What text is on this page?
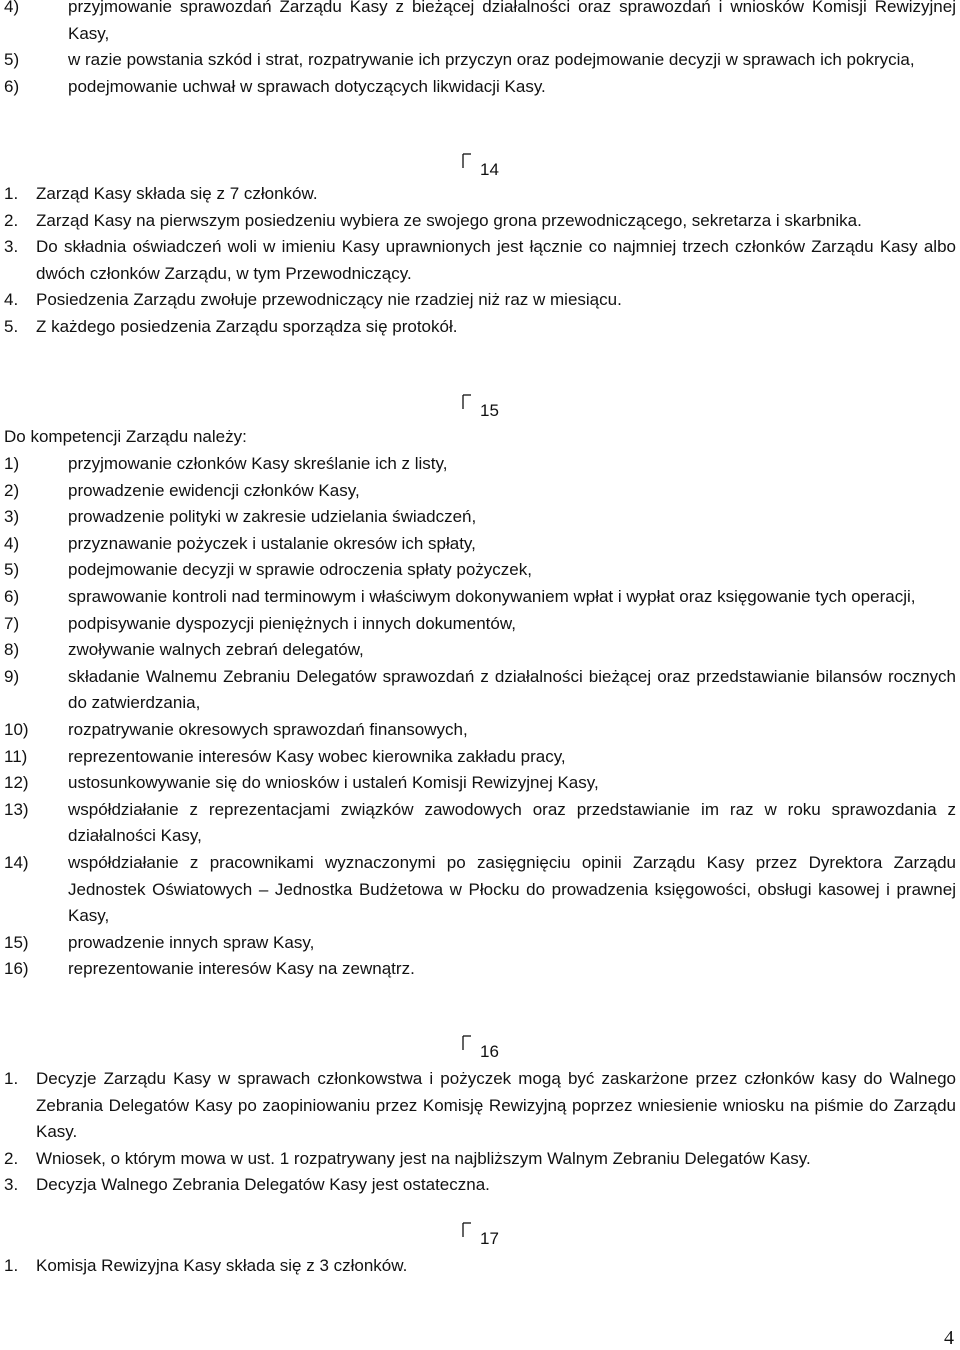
4)	przyjmowanie sprawozdań Zarządu Kasy z bieżącej działalności oraz sprawozdań i wniosków Komisji Rewizyjnej Kasy,
5)	w razie powstania szkód i strat, rozpatrywanie ich przyczyn oraz podejmowanie decyzji w sprawach ich pokrycia,
6)	podejmowanie uchwał w sprawach dotyczących likwidacji Kasy.
14
1.	Zarząd Kasy składa się z 7 członków.
2.	Zarząd Kasy na pierwszym posiedzeniu wybiera ze swojego grona przewodniczącego, sekretarza i skarbnika.
3.	Do składnia oświadczeń woli w imieniu Kasy uprawnionych jest łącznie co najmniej trzech członków Zarządu Kasy albo dwóch członków Zarządu, w tym Przewodniczący.
4.	Posiedzenia Zarządu zwołuje przewodniczący nie rzadziej niż raz w miesiącu.
5.	Z każdego posiedzenia Zarządu sporządza się protokół.
15
Do kompetencji Zarządu należy:
1)	przyjmowanie członków Kasy skreślanie ich z listy,
2)	prowadzenie ewidencji członków Kasy,
3)	prowadzenie polityki w zakresie udzielania świadczeń,
4)	przyznawanie pożyczek i ustalanie okresów ich spłaty,
5)	podejmowanie decyzji w sprawie odroczenia spłaty pożyczek,
6)	sprawowanie kontroli nad terminowym i właściwym dokonywaniem wpłat i wypłat oraz księgowanie tych operacji,
7)	podpisywanie dyspozycji pieniężnych i innych dokumentów,
8)	zwoływanie walnych zebrań delegatów,
9)	składanie Walnemu Zebraniu Delegatów sprawozdań z działalności bieżącej oraz przedstawianie bilansów rocznych do zatwierdzania,
10)	rozpatrywanie okresowych sprawozdań finansowych,
11)	reprezentowanie interesów Kasy wobec kierownika zakładu pracy,
12)	ustosunkowywanie się do wniosków i ustaleń Komisji Rewizyjnej Kasy,
13)	współdziałanie z reprezentacjami związków zawodowych oraz przedstawianie im raz w roku sprawozdania z działalności Kasy,
14)	współdziałanie z pracownikami wyznaczonymi po zasięgnięciu opinii Zarządu Kasy przez Dyrektora Zarządu Jednostek Oświatowych – Jednostka Budżetowa w Płocku do prowadzenia księgowości, obsługi kasowej i prawnej Kasy,
15)	prowadzenie innych spraw Kasy,
16)	reprezentowanie interesów Kasy na zewnątrz.
16
1.	Decyzje Zarządu Kasy w sprawach członkowstwa i pożyczek mogą być zaskarżone przez członków kasy do Walnego Zebrania Delegatów Kasy po zaopiniowaniu przez Komisję Rewizyjną poprzez wniesienie wniosku na piśmie do Zarządu Kasy.
2.	Wniosek, o którym mowa w ust. 1 rozpatrywany jest na najbliższym Walnym Zebraniu Delegatów Kasy.
3.	Decyzja Walnego Zebrania Delegatów Kasy jest ostateczna.
17
1.	Komisja Rewizyjna Kasy składa się z 3 członków.
4
